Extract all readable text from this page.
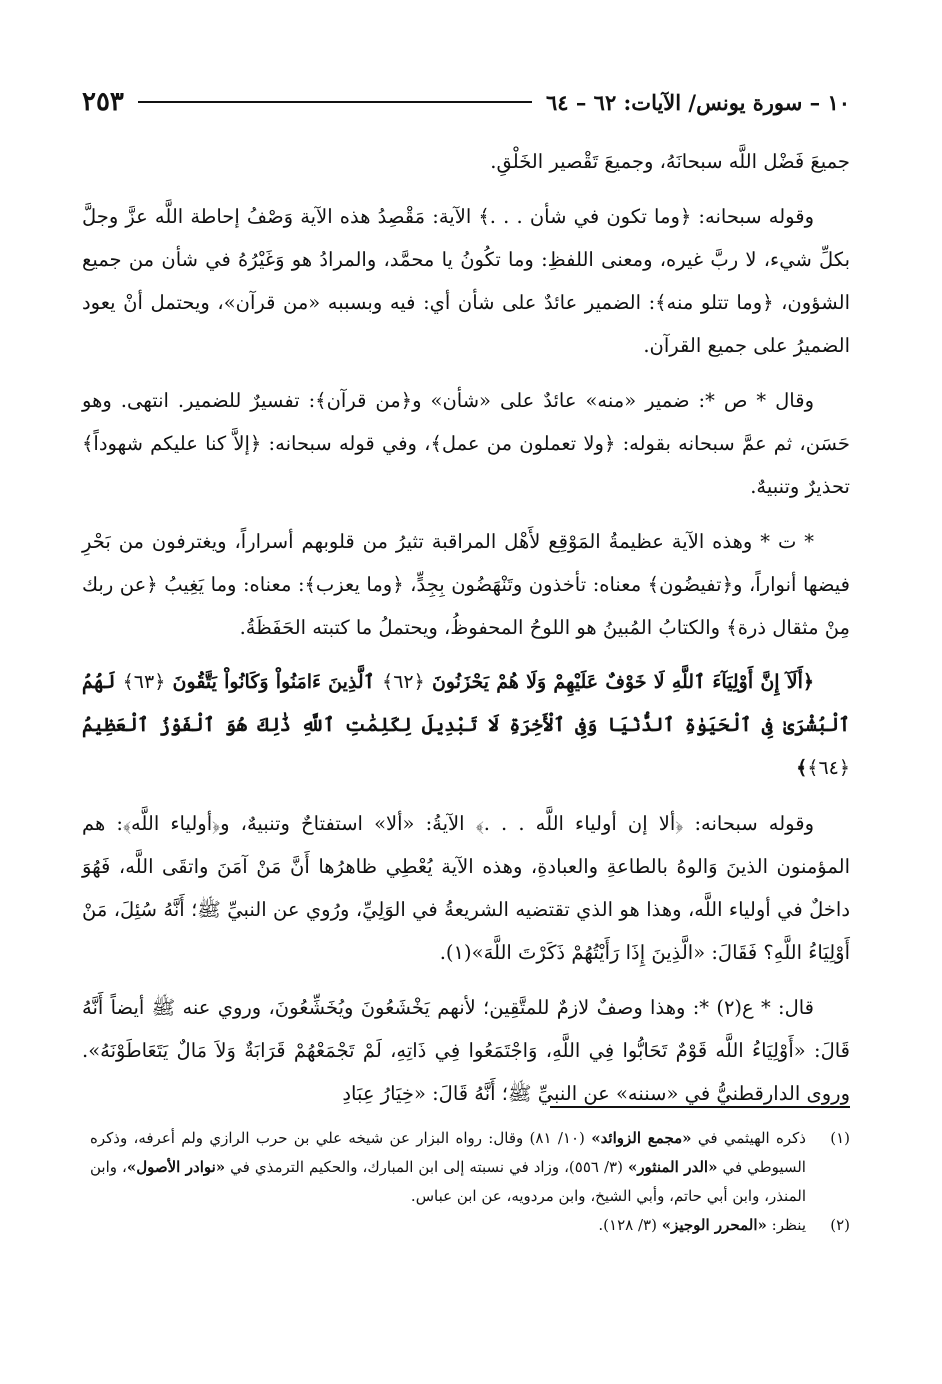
١٠ – سورة يونس/ الآيات: ٦٢ – ٦٤
٢٥٣

جميعَ فَضْل اللَّه سبحانَهُ، وجميعَ تَقْصير الخَلْقِ.

وقوله سبحانه: ﴿وما تكون في شأن . . .﴾ الآية: مَقْصِدُ هذه الآية وَصْفُ إحاطة اللَّه عزَّ وجلَّ بكلِّ شيء، لا ربَّ غيره، ومعنى اللفظِ: وما تكُونُ يا محمَّد، والمرادُ هو وَغَيْرُهُ في شأن من جميع الشؤون، ﴿وما تتلو منه﴾: الضمير عائدٌ على شأن أي: فيه وبسببه «من قرآن»، ويحتمل أنْ يعود الضميرُ على جميع القرآن.

وقال * ص *: ضمير «منه» عائدٌ على «شأن» و﴿من قرآن﴾: تفسيرٌ للضمير. انتهى. وهو حَسَن، ثم عمَّ سبحانه بقوله: ﴿ولا تعملون من عمل﴾، وفي قوله سبحانه: ﴿إلاَّ كنا عليكم شهوداً﴾ تحذيرٌ وتنبيهٌ.

* ت * وهذه الآية عظيمةُ المَوْقِع لأَهْل المراقبة تثيرُ من قلوبهم أسراراً، ويغترفون من بَحْرِ فيضها أنواراً، و﴿تفيضُون﴾ معناه: تأخذون وتَنْهَضُون بِجِدٍّ، ﴿وما يعزب﴾: معناه: وما يَغِيبُ ﴿عن ربك مِنْ مثقال ذرة﴾ والكتابُ المُبينُ هو اللوحُ المحفوظُ، ويحتملُ ما كتبته الحَفَظَةُ.

﴿أَلَآ إِنَّ أَوْلِيَآءَ ٱللَّهِ لَا خَوْفٌ عَلَيْهِمْ وَلَا هُمْ يَحْزَنُونَ ﴿٦٢﴾ ٱلَّذِينَ ءَامَنُواْ وَكَانُواْ يَتَّقُونَ ﴿٦٣﴾ لَهُمُ ٱلْبُشْرَىٰ فِى ٱلْحَيَوٰةِ ٱلدُّنْيَا وَفِى ٱلْأَخِرَةِ لَا تَبْدِيلَ لِكَلِمَٰتِ ٱللَّهِ ذَٰلِكَ هُوَ ٱلْفَوْزُ ٱلْعَظِيمُ ﴿٦٤﴾﴾

وقوله سبحانه: ﴿ألا إن أولياء اللَّه . . .﴾ الآيةُ: «ألا» استفتاحٌ وتنبيهٌ، و﴿أولياء اللَّه﴾: هم المؤمنون الذينَ وَالوهُ بالطاعةِ والعبادةِ، وهذه الآية يُعْطِي ظاهرُها أَنَّ مَنْ آمَنَ واتقَى اللَّه، فَهُوَ داخلٌ في أولياء اللَّه، وهذا هو الذي تقتضيه الشريعةُ في الوَلِيِّ، ورُوي عن النبيِّ ﷺ؛ أَنَّهُ سُئِلَ، مَنْ أَوْلِيَاءُ اللَّهِ؟ فَقَالَ: «الَّذِينَ إِذَا رَأَيْتُهُمْ ذَكَرْتَ اللَّهَ»(١).

قال: * ع(٢) *: وهذا وصفٌ لازمٌ للمتَّقِين؛ لأنهم يَخْشَعُونَ ويُخَشِّعُونَ، وروي عنه ﷺ أيضاً أَنَّهُ قَالَ: «أَوْلِيَاءُ اللَّه قَوْمٌ تَحَابُّوا فِي اللَّهِ، وَاجْتَمَعُوا فِي ذَاتِهِ، لَمْ تَجْمَعْهُمْ قَرَابَةٌ وَلاَ مَالٌ يَتَعَاطَوْنَهُ». وروى الدارقطنيُّ في «سننه» عن النبيِّ ﷺ؛ أَنَّهُ قَالَ: «خِيَارُ عِبَادِ

(١)
ذكره الهيثمي في «مجمع الزوائد» (١٠/ ٨١) وقال: رواه البزار عن شيخه علي بن حرب الرازي ولم أعرفه، وذكره السيوطي في «الدر المنثور» (٣/ ٥٥٦)، وزاد في نسبته إلى ابن المبارك، والحكيم الترمذي في «نوادر الأصول»، وابن المنذر، وابن أبي حاتم، وأبي الشيخ، وابن مردويه، عن ابن عباس.
(٢)
ينظر: «المحرر الوجيز» (٣/ ١٢٨).
